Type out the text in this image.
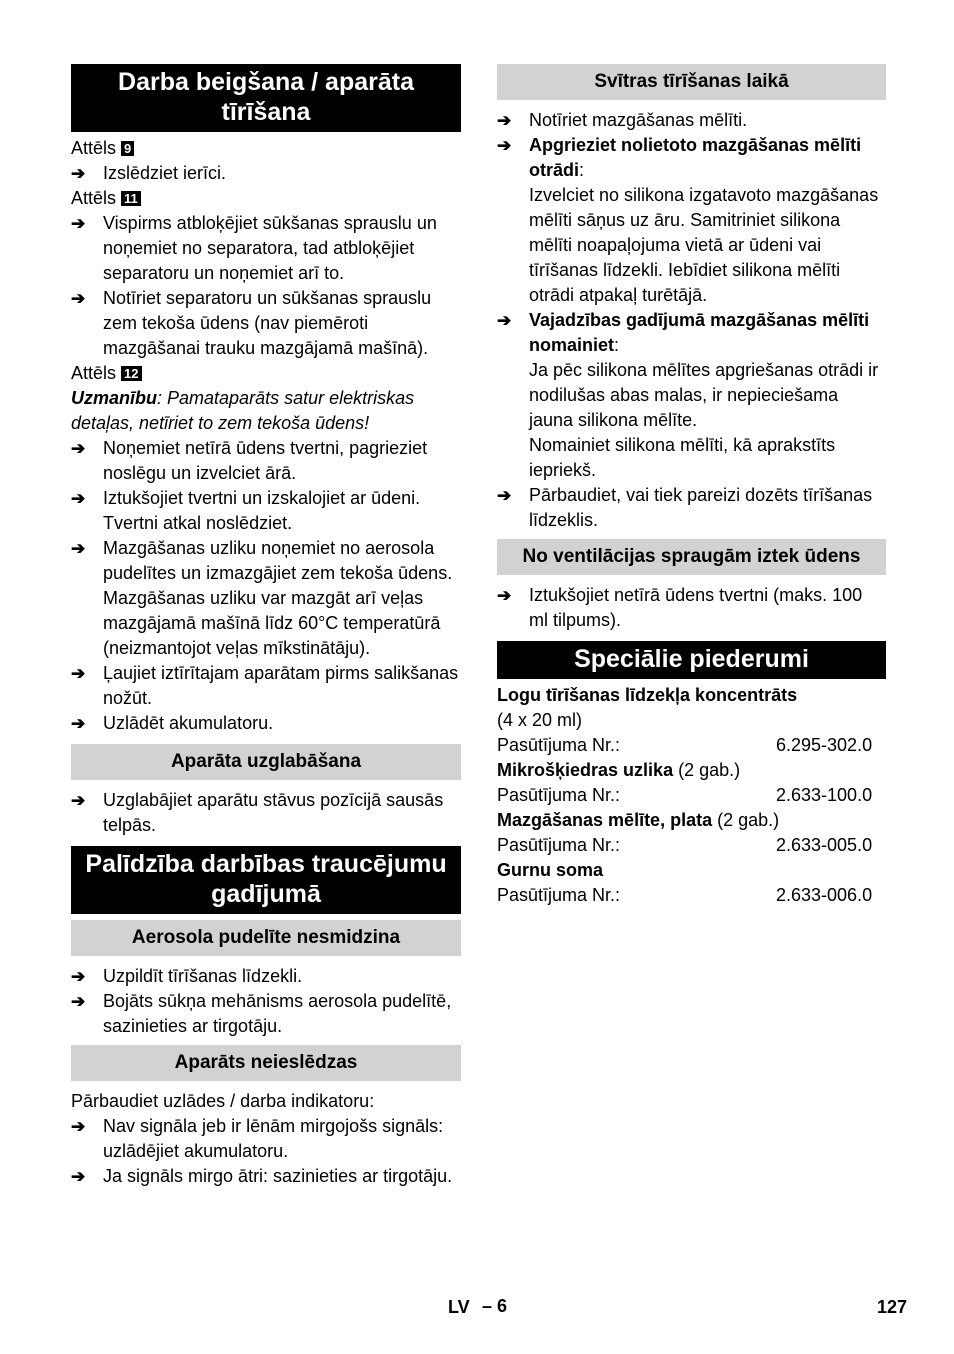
Darba beigšana / aparāta tīrīšana
Attēls 9
➔ Izslēdziet ierīci.
Attēls 11
➔ Vispirms atbloķējiet sūkšanas sprauslu un noņemiet no separatora, tad atbloķējiet separatoru un noņemiet arī to.
➔ Notīriet separatoru un sūkšanas sprauslu zem tekoša ūdens (nav piemēroti mazgāšanai trauku mazgājamā mašīnā).
Attēls 12
Uzmanību: Pamataparāts satur elektriskas detaļas, netīriet to zem tekoša ūdens!
➔ Noņemiet netīrā ūdens tvertni, pagrieziet noslēgu un izvelciet ārā.
➔ Iztukšojiet tvertni un izskalojiet ar ūdeni. Tvertni atkal noslēdziet.
➔ Mazgāšanas uzliku noņemiet no aerosola pudelītes un izmazgājiet zem tekoša ūdens. Mazgāšanas uzliku var mazgāt arī veļas mazgājamā mašīnā līdz 60°C temperatūrā (neizmantojot veļas mīkstinātāju).
➔ Ļaujiet iztīrītajam aparātam pirms salikšanas nožūt.
➔ Uzlādēt akumulatoru.
Aparāta uzglabāšana
➔ Uzglabājiet aparātu stāvus pozīcijā sausās telpās.
Palīdzība darbības traucējumu gadījumā
Aerosola pudelīte nesmidzina
➔ Uzpildīt tīrīšanas līdzekli.
➔ Bojāts sūkņa mehānisms aerosola pudelītē, sazinieties ar tirgotāju.
Aparāts neieslēdzas
Pārbaudiet uzlādes / darba indikatoru:
➔ Nav signāla jeb ir lēnām mirgojošs signāls: uzlādējiet akumulatoru.
➔ Ja signāls mirgo ātri: sazinieties ar tirgotāju.
Svītras tīrīšanas laikā
➔ Notīriet mazgāšanas mēlīti.
➔ Apgrieziet nolietoto mazgāšanas mēlīti otrādi:
Izvelciet no silikona izgatavoto mazgāšanas mēlīti sāņus uz āru. Samitriniet silikona mēlīti noapaļojuma vietā ar ūdeni vai tīrīšanas līdzekli. Iebīdiet silikona mēlīti otrādi atpakaļ turētājā.
➔ Vajadzības gadījumā mazgāšanas mēlīti nomainiet:
Ja pēc silikona mēlītes apgriešanas otrādi ir nodilušas abas malas, ir nepieciešama jauna silikona mēlīte.
Nomainiet silikona mēlīti, kā aprakstīts iepriekš.
➔ Pārbaudiet, vai tiek pareizi dozēts tīrīšanas līdzeklis.
No ventilācijas spraugām iztek ūdens
➔ Iztukšojiet netīrā ūdens tvertni (maks. 100 ml tilpums).
Speciālie piederumi
Logu tīrīšanas līdzekļa koncentrāts
(4 x 20 ml)
Pasūtījuma Nr.:	6.295-302.0
Mikrošķiedras uzlika (2 gab.)
Pasūtījuma Nr.:	2.633-100.0
Mazgāšanas mēlīte, plata (2 gab.)
Pasūtījuma Nr.:	2.633-005.0
Gurnu soma
Pasūtījuma Nr.:	2.633-006.0
LV – 6	127
